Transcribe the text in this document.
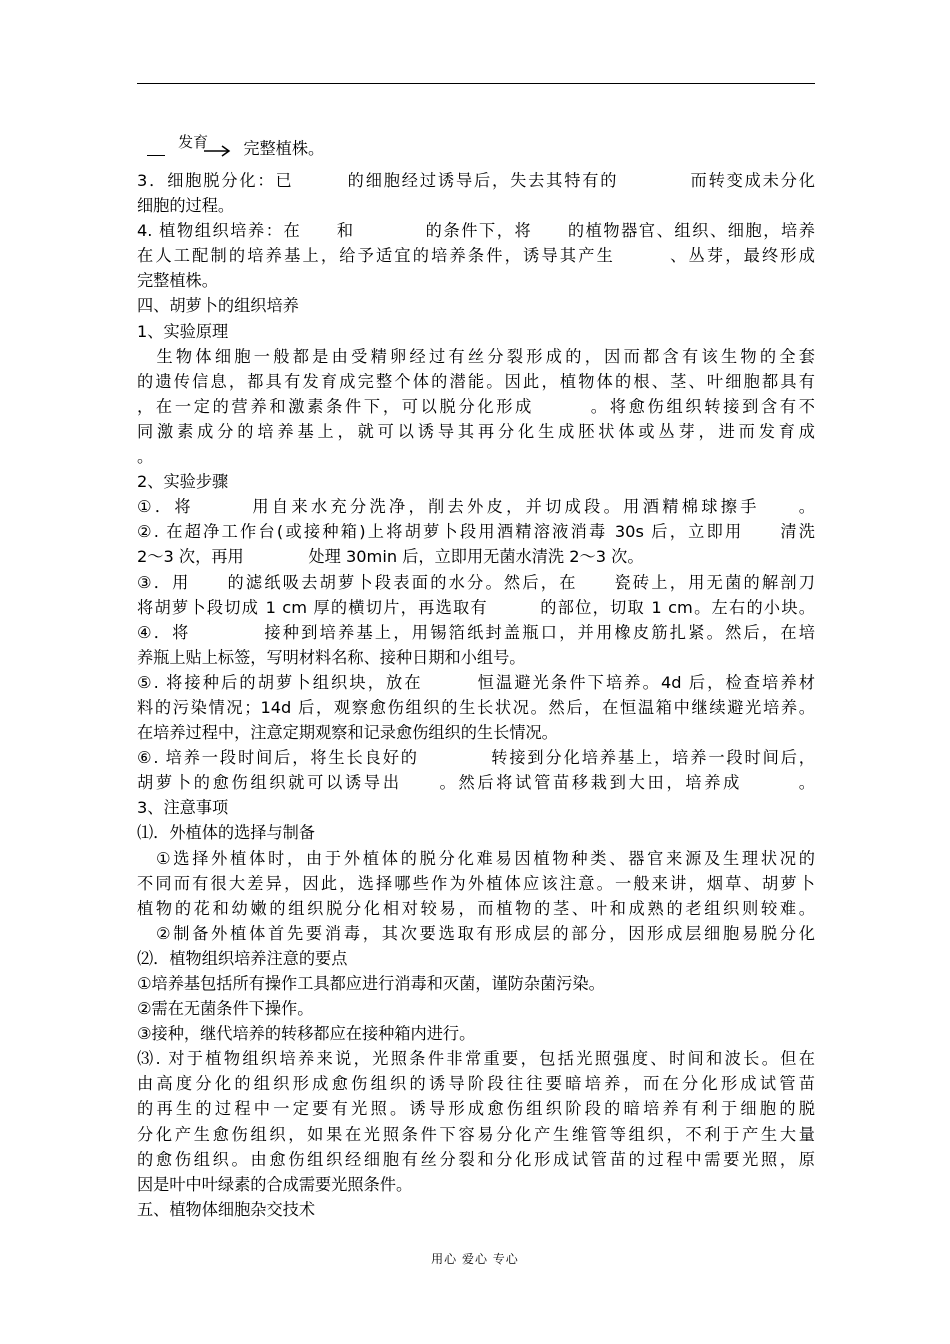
发育 完整植株。
3．细胞脱分化：已　　　的细胞经过诱导后，失去其特有的　　　　而转变成未分化
细胞的过程。
4. 植物组织培养：在　　和　　　　的条件下，将　　的植物器官、组织、细胞，培养
在人工配制的培养基上，给予适宜的培养条件，诱导其产生　　　、丛芽，最终形成
完整植株。
四、胡萝卜的组织培养
1、实验原理
　生物体细胞一般都是由受精卵经过有丝分裂形成的，因而都含有该生物的全套
的遗传信息，都具有发育成完整个体的潜能。因此，植物体的根、茎、叶细胞都具有
，在一定的营养和激素条件下，可以脱分化形成　　　。将愈伤组织转接到含有不
同激素成分的培养基上，就可以诱导其再分化生成胚状体或丛芽，进而发育成
。
2、实验步骤
①．将　　　用自来水充分洗净，削去外皮，并切成段。用酒精棉球擦手　　。
②. 在超净工作台(或接种箱)上将胡萝卜段用酒精溶液消毒 30s 后，立即用　　清洗
2～3 次，再用　　　　处理 30min 后，立即用无菌水清洗 2～3 次。
③．用　　的滤纸吸去胡萝卜段表面的水分。然后，在　　瓷砖上，用无菌的解剖刀
将胡萝卜段切成 1 cm 厚的横切片，再选取有　　　的部位，切取 1 cm。左右的小块。
④．将　　　　接种到培养基上，用锡箔纸封盖瓶口，并用橡皮筋扎紧。然后，在培
养瓶上贴上标签，写明材料名称、接种日期和小组号。
⑤. 将接种后的胡萝卜组织块，放在　　　恒温避光条件下培养。4d 后，检查培养材
料的污染情况；14d 后，观察愈伤组织的生长状况。然后，在恒温箱中继续避光培养。
在培养过程中，注意定期观察和记录愈伤组织的生长情况。
⑥. 培养一段时间后，将生长良好的　　　　转接到分化培养基上，培养一段时间后，
胡萝卜的愈伤组织就可以诱导出　　。然后将试管苗移栽到大田，培养成　　　。
3、注意事项
⑴．外植体的选择与制备
　①选择外植体时，由于外植体的脱分化难易因植物种类、器官来源及生理状况的
不同而有很大差异，因此，选择哪些作为外植体应该注意。一般来讲，烟草、胡萝卜
植物的花和幼嫩的组织脱分化相对较易，而植物的茎、叶和成熟的老组织则较难。
　②制备外植体首先要消毒，其次要选取有形成层的部分，因形成层细胞易脱分化
⑵．植物组织培养注意的要点
①培养基包括所有操作工具都应进行消毒和灭菌，谨防杂菌污染。
②需在无菌条件下操作。
③接种，继代培养的转移都应在接种箱内进行。
⑶. 对于植物组织培养来说，光照条件非常重要，包括光照强度、时间和波长。但在
由高度分化的组织形成愈伤组织的诱导阶段往往要暗培养，而在分化形成试管苗
的再生的过程中一定要有光照。诱导形成愈伤组织阶段的暗培养有利于细胞的脱
分化产生愈伤组织，如果在光照条件下容易分化产生维管等组织，不利于产生大量
的愈伤组织。由愈伤组织经细胞有丝分裂和分化形成试管苗的过程中需要光照，原
因是叶中叶绿素的合成需要光照条件。
五、植物体细胞杂交技术
用心 爱心 专心
